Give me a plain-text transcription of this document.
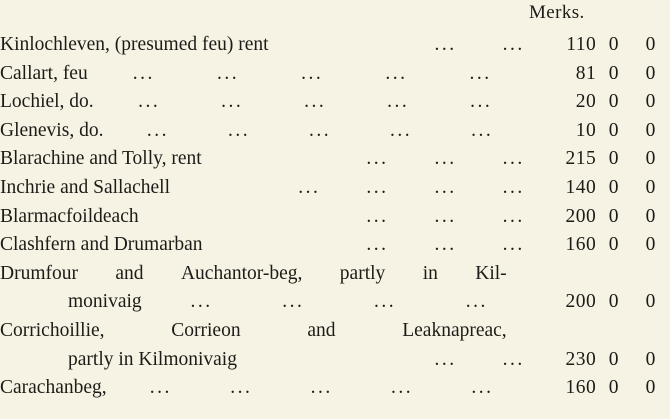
Merks.
Kinlochleven, (presumed feu) rent ... ...	110	0	0

Callart, feu ...	...	...	...	...	81	0	0

Lochiel, do. ...	...	...	...	...	20	0	0

Glenevis, do. ...	...	...	...	...	10	0	0

Blarachine and Tolly, rent ... ... ...	215	0	0

Inchrie and Sallachell ... ... ... ...	140	0	0

Blarmacfoildeach ... ... ...	200	0	0

Clashfern and Drumarban ... ... ...	160	0	0

Drumfour and Auchantor-beg, partly in Kil-

monivaig ... ... ... ...	200	0	0

Corrichoillie, Corrieon and Leaknapreac,			

partly in Kilmonivaig ... ...	230	0	0

Carachanbeg, ...	...	...	...	...	160	0	0
